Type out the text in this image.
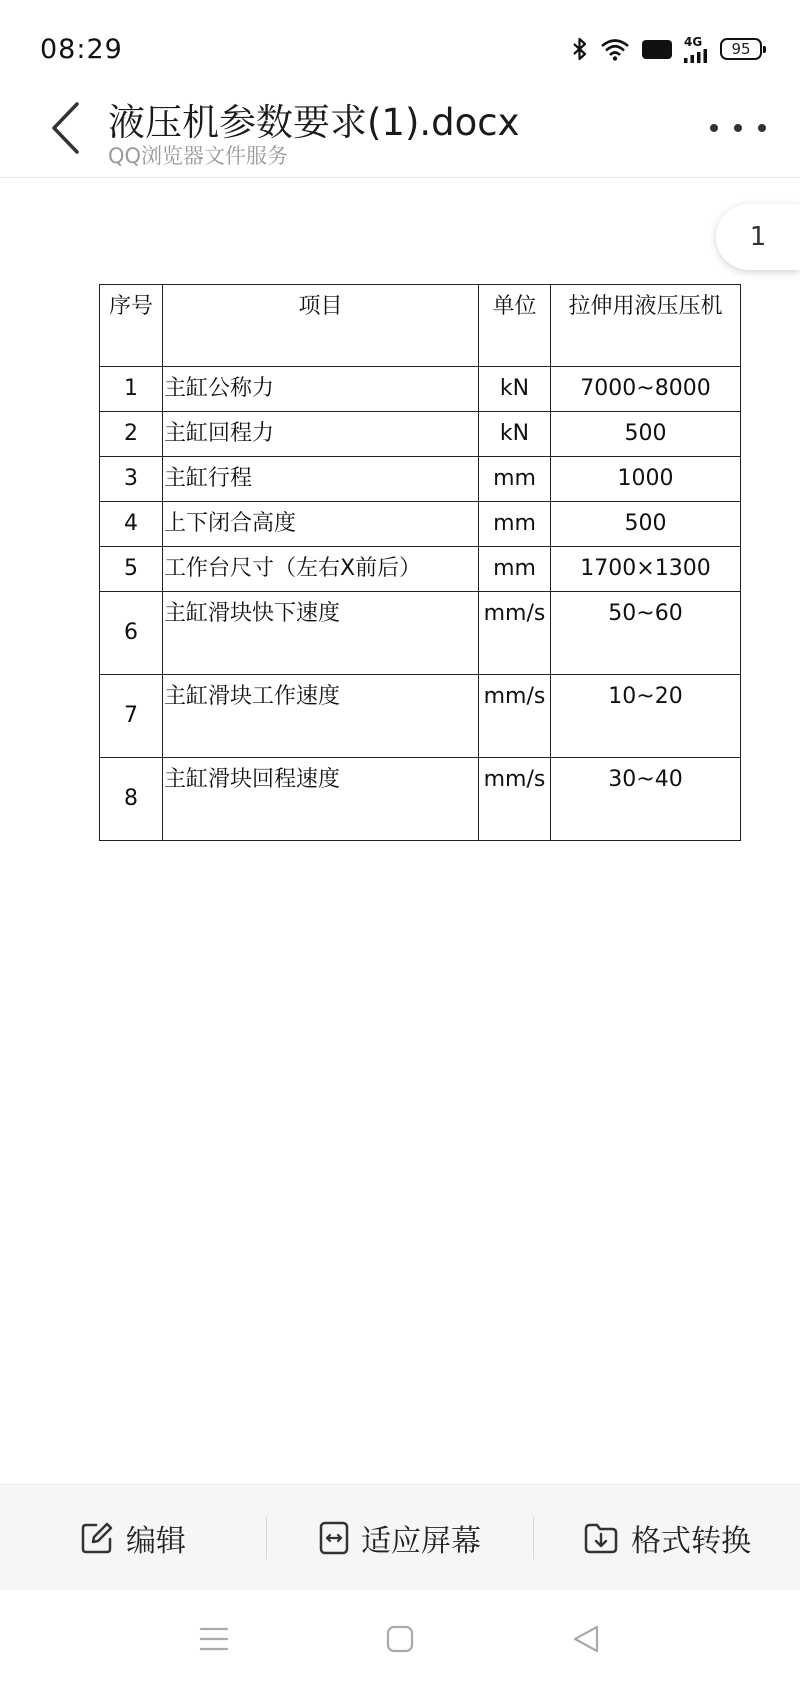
08:29	HD	4G	95
液压机参数要求(1).docx
QQ浏览器文件服务
1
序号	项目	单位	拉伸用液压压机
1	主缸公称力	kN	7000~8000
2	主缸回程力	kN	500
3	主缸行程	mm	1000
4	上下闭合高度	mm	500
5	工作台尺寸（左右X前后）	mm	1700×1300
6	主缸滑块快下速度	mm/s	50~60
7	主缸滑块工作速度	mm/s	10~20
8	主缸滑块回程速度	mm/s	30~40
编辑	适应屏幕	格式转换
